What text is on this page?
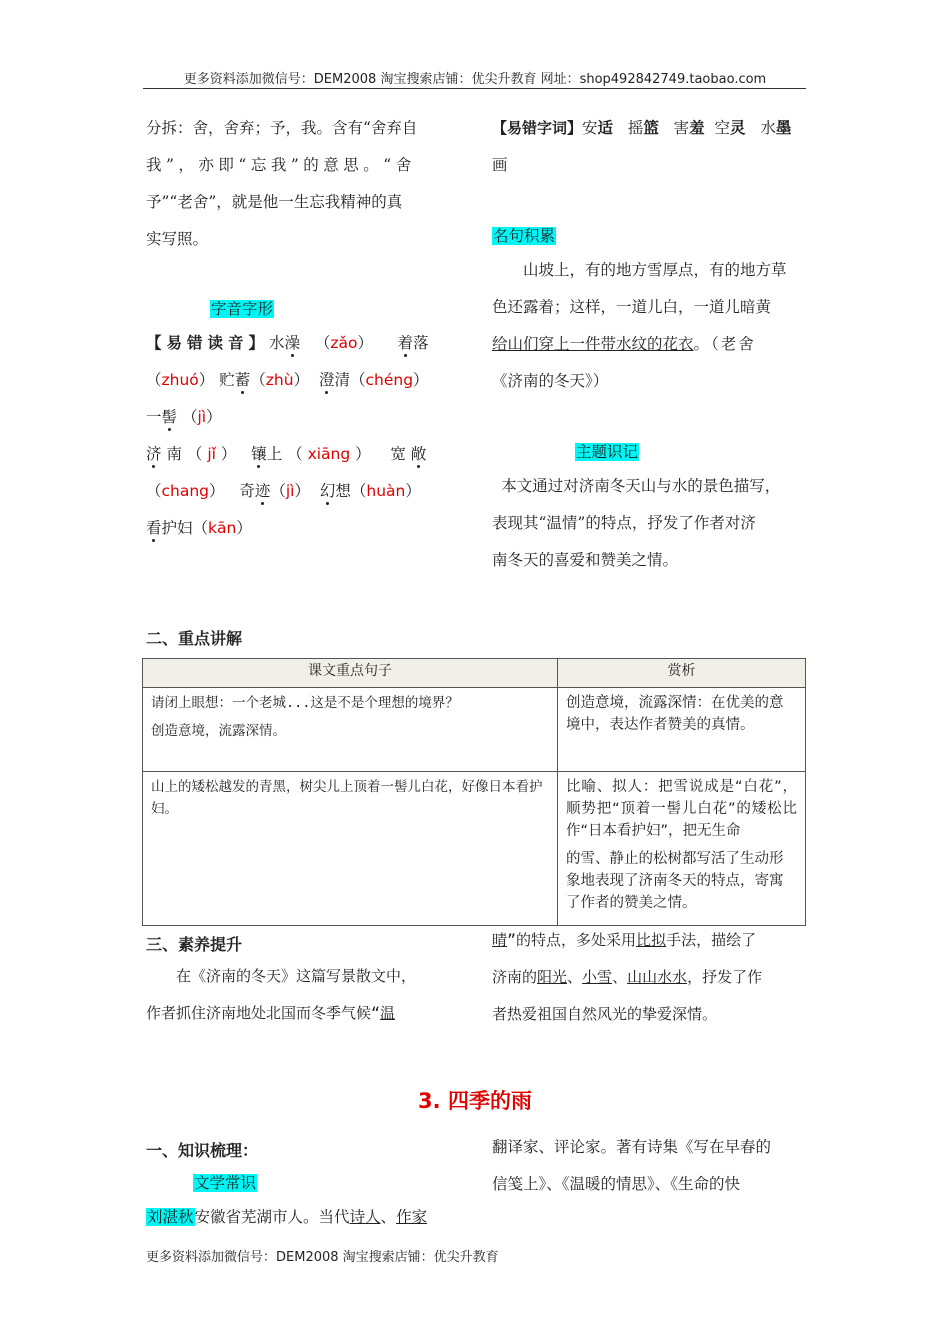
更多资料添加微信号：DEM2008 淘宝搜索店铺：优尖升教育 网址：shop492842749.taobao.com
分拆：舍，舍弃；予，我。含有“舍弃自
我”，亦即“忘我”的意思。“舍
予”“老舍”，就是他一生忘我精神的真
实写照。
字音字形
【易错读音】水澡   （zǎo）     着落
（zhuó） 贮蓄（zhù）  澄清（chéng）
一髻 （jì）
济 南 （ jǐ ）   镶上 （ xiāng ）    宽 敞
（chang）   奇迹（jì）  幻想（huàn）
看护妇（kān）
【易错字词】安适 摇篮 害羞 空灵 水墨
画
名句积累
山坡上，有的地方雪厚点，有的地方草
色还露着；这样，一道儿白，一道儿暗黄
给山们穿上一件带水纹的花衣。（老舍
《济南的冬天》）
主题识记
本文通过对济南冬天山与水的景色描写，
表现其“温情”的特点，抒发了作者对济
南冬天的喜爱和赞美之情。
二、重点讲解
课文重点句子	赏析

请闭上眼想：一个老城...这是不是个理想的境界？
创造意境，流露深情。	创造意境，流露深情：在优美的意境中，表达作者赞美的真情。

山上的矮松越发的青黑，树尖儿上顶着一髻儿白花，好像日本看护妇。	比喻、拟人：把雪说成是“白花”，顺势把“顶着一髻儿白花”的矮松比作“日本看护妇”，把无生命
的雪、静止的松树都写活了生动形象地表现了济南冬天的特点，寄寓了作者的赞美之情。
三、素养提升
在《济南的冬天》这篇写景散文中，
作者抓住济南地处北国而冬季气候“温
晴”的特点，多处采用比拟手法，描绘了
济南的阳光、小雪、山山水水，抒发了作
者热爱祖国自然风光的挚爱深情。
3. 四季的雨
一、知识梳理：
文学常识
刘湛秋安徽省芜湖市人。当代诗人、作家
翻译家、评论家。著有诗集《写在早春的
信笺上》、《温暖的情思》、《生命的快
更多资料添加微信号：DEM2008 淘宝搜索店铺：优尖升教育
